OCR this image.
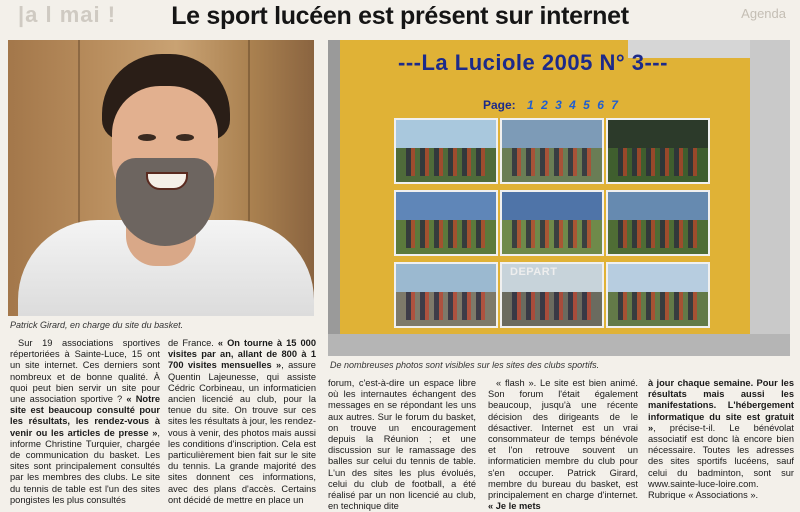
|a l mai !	Agenda
Le sport lucéen est présent sur internet
Patrick Girard, en charge du site du basket.
---La Luciole 2005 N° 3---
Page: 1 2 3 4 5 6 7
DEPART
De nombreuses photos sont visibles sur les sites des clubs sportifs.

Sur 19 associations sportives répertoriées à Sainte-Luce, 15 ont un site internet. Ces derniers sont nombreux et de bonne qualité. À quoi peut bien servir un site pour une association sportive ? « Notre site est beaucoup consulté pour les résultats, les rendez-vous à venir ou les articles de presse », informe Christine Turquier, chargée de communication du basket. Les sites sont principalement consultés par les membres des clubs. Le site du tennis de table est l'un des sites pongistes les plus consultés

de France. « On tourne à 15 000 visites par an, allant de 800 à 1 700 visites mensuelles », assure Quentin Lajeunesse, qui assiste Cédric Corbineau, un informaticien ancien licencié au club, pour la tenue du site. On trouve sur ces sites les résultats à jour, les rendez-vous à venir, des photos mais aussi les conditions d'inscription. Cela est particulièrement bien fait sur le site du tennis. La grande majorité des sites donnent ces informations, avec des plans d'accès. Certains ont décidé de mettre en place un

forum, c'est-à-dire un espace libre où les internautes échangent des messages en se répondant les uns aux autres. Sur le forum du basket, on trouve un encouragement depuis la Réunion ; et une discussion sur le ramassage des balles sur celui du tennis de table. L'un des sites les plus évolués, celui du club de football, a été réalisé par un non licencié au club, en technique dite

« flash ». Le site est bien animé. Son forum l'était également beaucoup, jusqu'à une récente décision des dirigeants de le désactiver. Internet est un vrai consommateur de temps bénévole et l'on retrouve souvent un informaticien membre du club pour s'en occuper. Patrick Girard, membre du bureau du basket, est principalement en charge d'internet. « Je le mets

à jour chaque semaine. Pour les résultats mais aussi les manifestations. L'hébergement informatique du site est gratuit », précise-t-il. Le bénévolat associatif est donc là encore bien nécessaire. Toutes les adresses des sites sportifs lucéens, sauf celui du badminton, sont sur www.sainte-luce-loire.com. Rubrique « Associations ».
